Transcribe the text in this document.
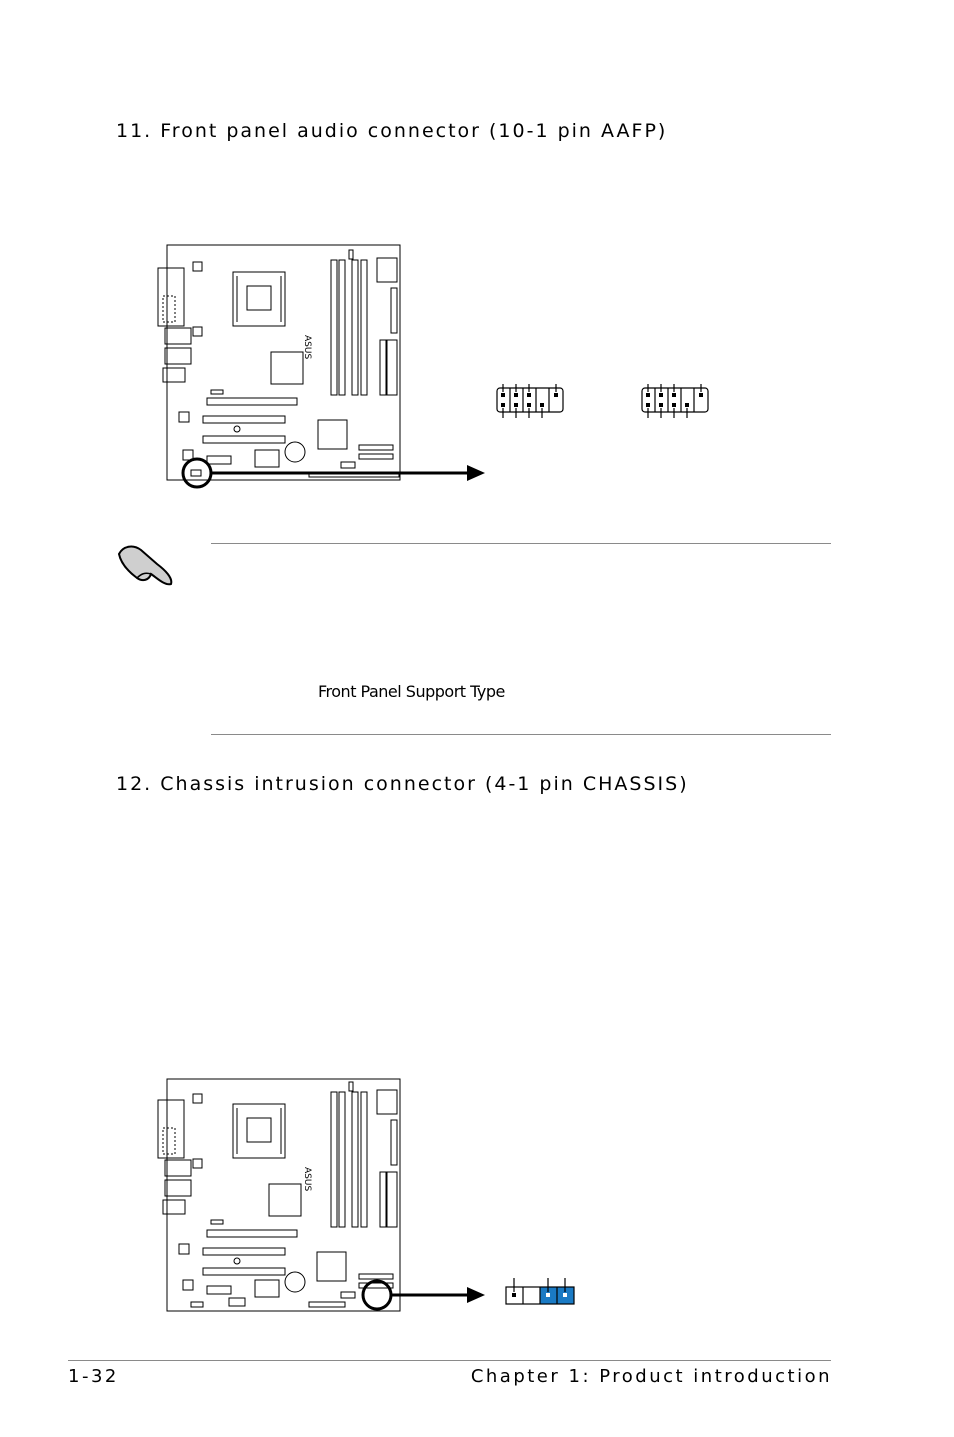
11. Front panel audio connector (10-1 pin AAFP)
ASUS
Front Panel Support Type
12. Chassis intrusion connector (4-1 pin CHASSIS)
ASUS
1-32	Chapter 1: Product introduction
